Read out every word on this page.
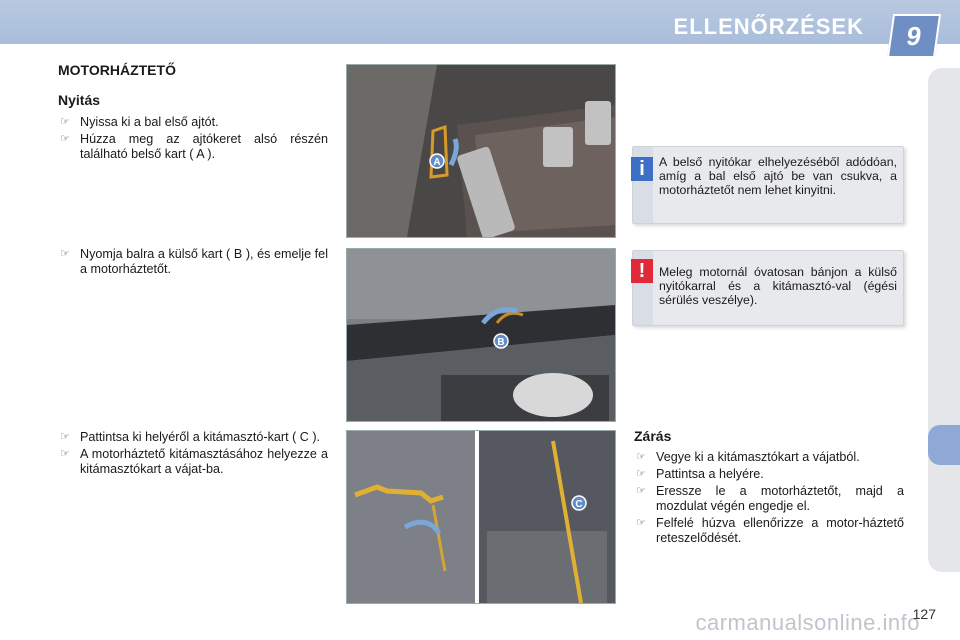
ELLENŐRZÉSEK	9
MOTORHÁZTETŐ
Nyitás
☞ Nyissa ki a bal első ajtót.
☞ Húzza meg az ajtókeret alsó részén található belső kart ( A ).
☞ Nyomja balra a külső kart ( B ), és emelje fel a motorháztetőt.
☞ Pattintsa ki helyéről a kitámasztó-kart ( C ).
☞ A motorháztető kitámasztásához helyezze a kitámasztókart a vájat-ba.
A
B
C
i	A belső nyitókar elhelyezéséből adódóan, amíg a bal első ajtó be van csukva, a motorháztetőt nem lehet kinyitni.
!	Meleg motornál óvatosan bánjon a külső nyitókarral és a kitámasztó-val (égési sérülés veszélye).
Zárás
☞ Vegye ki a kitámasztókart a vájatból.
☞ Pattintsa a helyére.
☞ Eressze le a motorháztetőt, majd a mozdulat végén engedje el.
☞ Felfelé húzva ellenőrizze a motor-háztető reteszelődését.
carmanualsonline.info
127
